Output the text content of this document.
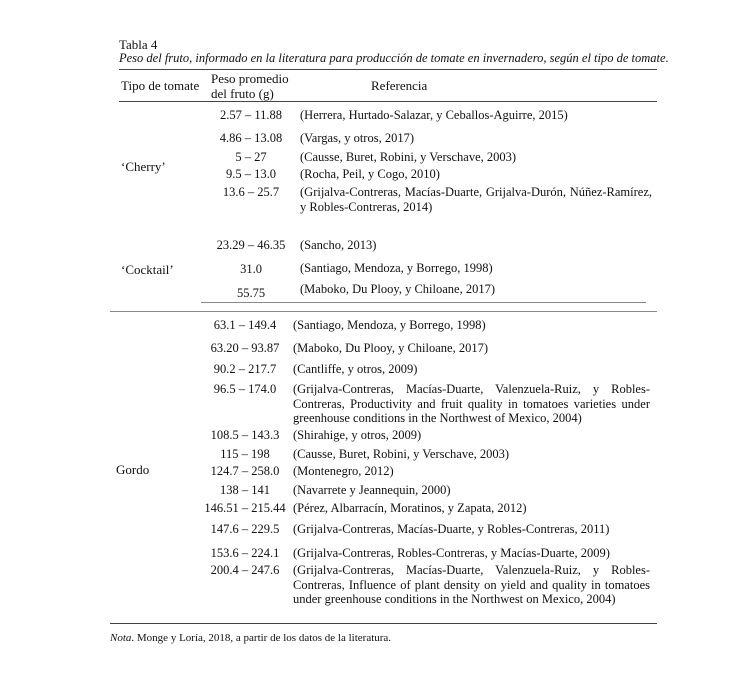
Tabla 4
Peso del fruto, informado en la literatura para producción de tomate en invernadero, según el tipo de tomate.
Tipo de tomate Peso promedio
del fruto (g)
Referencia
‘Cherry’
2.57 – 11.88	(Herrera, Hurtado-Salazar, y Ceballos-Aguirre, 2015)
4.86 – 13.08	(Vargas, y otros, 2017)
5 – 27	(Causse, Buret, Robini, y Verschave, 2003)
9.5 – 13.0	(Rocha, Peil, y Cogo, 2010)
13.6 – 25.7	(Grijalva-Contreras, Macías-Duarte, Grijalva-Durón, Núñez-Ramírez, y Robles-Contreras, 2014)
‘Cocktail’
23.29 – 46.35	(Sancho, 2013)
31.0	(Santiago, Mendoza, y Borrego, 1998)
55.75	(Maboko, Du Plooy, y Chiloane, 2017)
Gordo
63.1 – 149.4	(Santiago, Mendoza, y Borrego, 1998)
63.20 – 93.87	(Maboko, Du Plooy, y Chiloane, 2017)
90.2 – 217.7	(Cantliffe, y otros, 2009)
96.5 – 174.0	(Grijalva-Contreras, Macías-Duarte, Valenzuela-Ruiz, y Robles-Contreras, Productivity and fruit quality in tomatoes varieties under greenhouse conditions in the Northwest of Mexico, 2004)
108.5 – 143.3	(Shirahige, y otros, 2009)
115 – 198	(Causse, Buret, Robini, y Verschave, 2003)
124.7 – 258.0	(Montenegro, 2012)
138 – 141	(Navarrete y Jeannequin, 2000)
146.51 – 215.44 (Pérez, Albarracín, Moratinos, y Zapata, 2012)
147.6 – 229.5	(Grijalva-Contreras, Macías-Duarte, y Robles-Contreras, 2011)
153.6 – 224.1	(Grijalva-Contreras, Robles-Contreras, y Macías-Duarte, 2009)
200.4 – 247.6	(Grijalva-Contreras, Macías-Duarte, Valenzuela-Ruiz, y Robles-Contreras, Influence of plant density on yield and quality in tomatoes under greenhouse conditions in the Northwest on Mexico, 2004)
Nota. Monge y Loría, 2018, a partir de los datos de la literatura.
